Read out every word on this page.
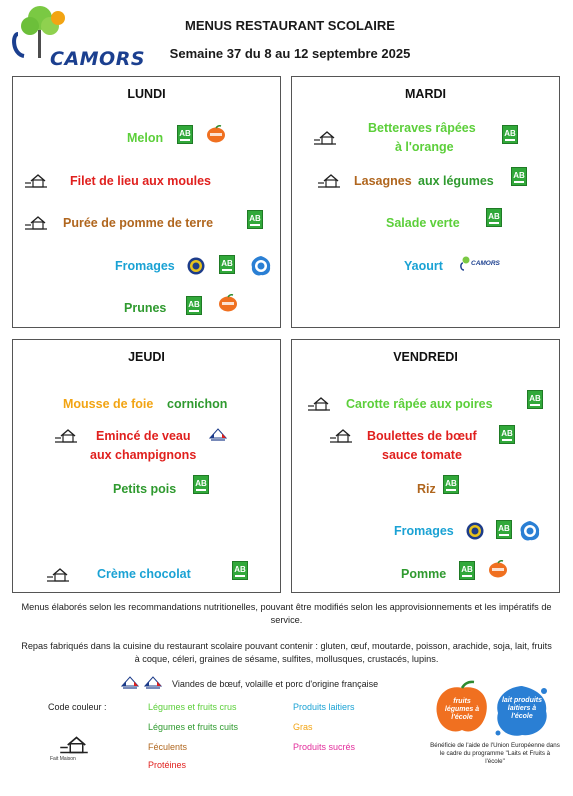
CAMORS
MENUS RESTAURANT SCOLAIRE
Semaine 37 du 8 au 12 septembre 2025
LUNDI
Melon AB
Filet de lieu aux moules
Purée de pomme de terre	AB
Fromages	AB
Prunes	AB
MARDI
Betteraves râpées
à l'orange
AB
Lasagnes aux légumes AB
Salade verte	AB
Yaourt	CAMORS
JEUDI
Mousse de foie cornichon
Emincé de veau
aux champignons
Petits pois AB
Crème chocolat	AB
VENDREDI
Carotte râpée aux poires	AB
Boulettes de bœuf
sauce tomate
AB
Riz AB
Fromages	AB
Pomme AB
Menus élaborés selon les recommandations nutritionelles, pouvant être modifiés selon les approvisionnements et les impératifs de service.
Repas fabriqués dans la cuisine du restaurant scolaire pouvant contenir : gluten, œuf, moutarde, poisson, arachide, soja, lait, fruits à coque, céleri, graines de sésame, sulfites, mollusques, crustacés, lupins.
Viandes de bœuf, volaille et porc d'origine française
Code couleur :
Fait Maison
Légumes et fruits crus
Légumes et fruits cuits
Féculents
Protéines
Produits laitiers
Gras
Produits sucrés
fruits légumes à l'école
lait produits laitiers à l'école
Bénéficie de l'aide de l'Union Européenne dans le cadre du programme "Laits et Fruits à l'école"
